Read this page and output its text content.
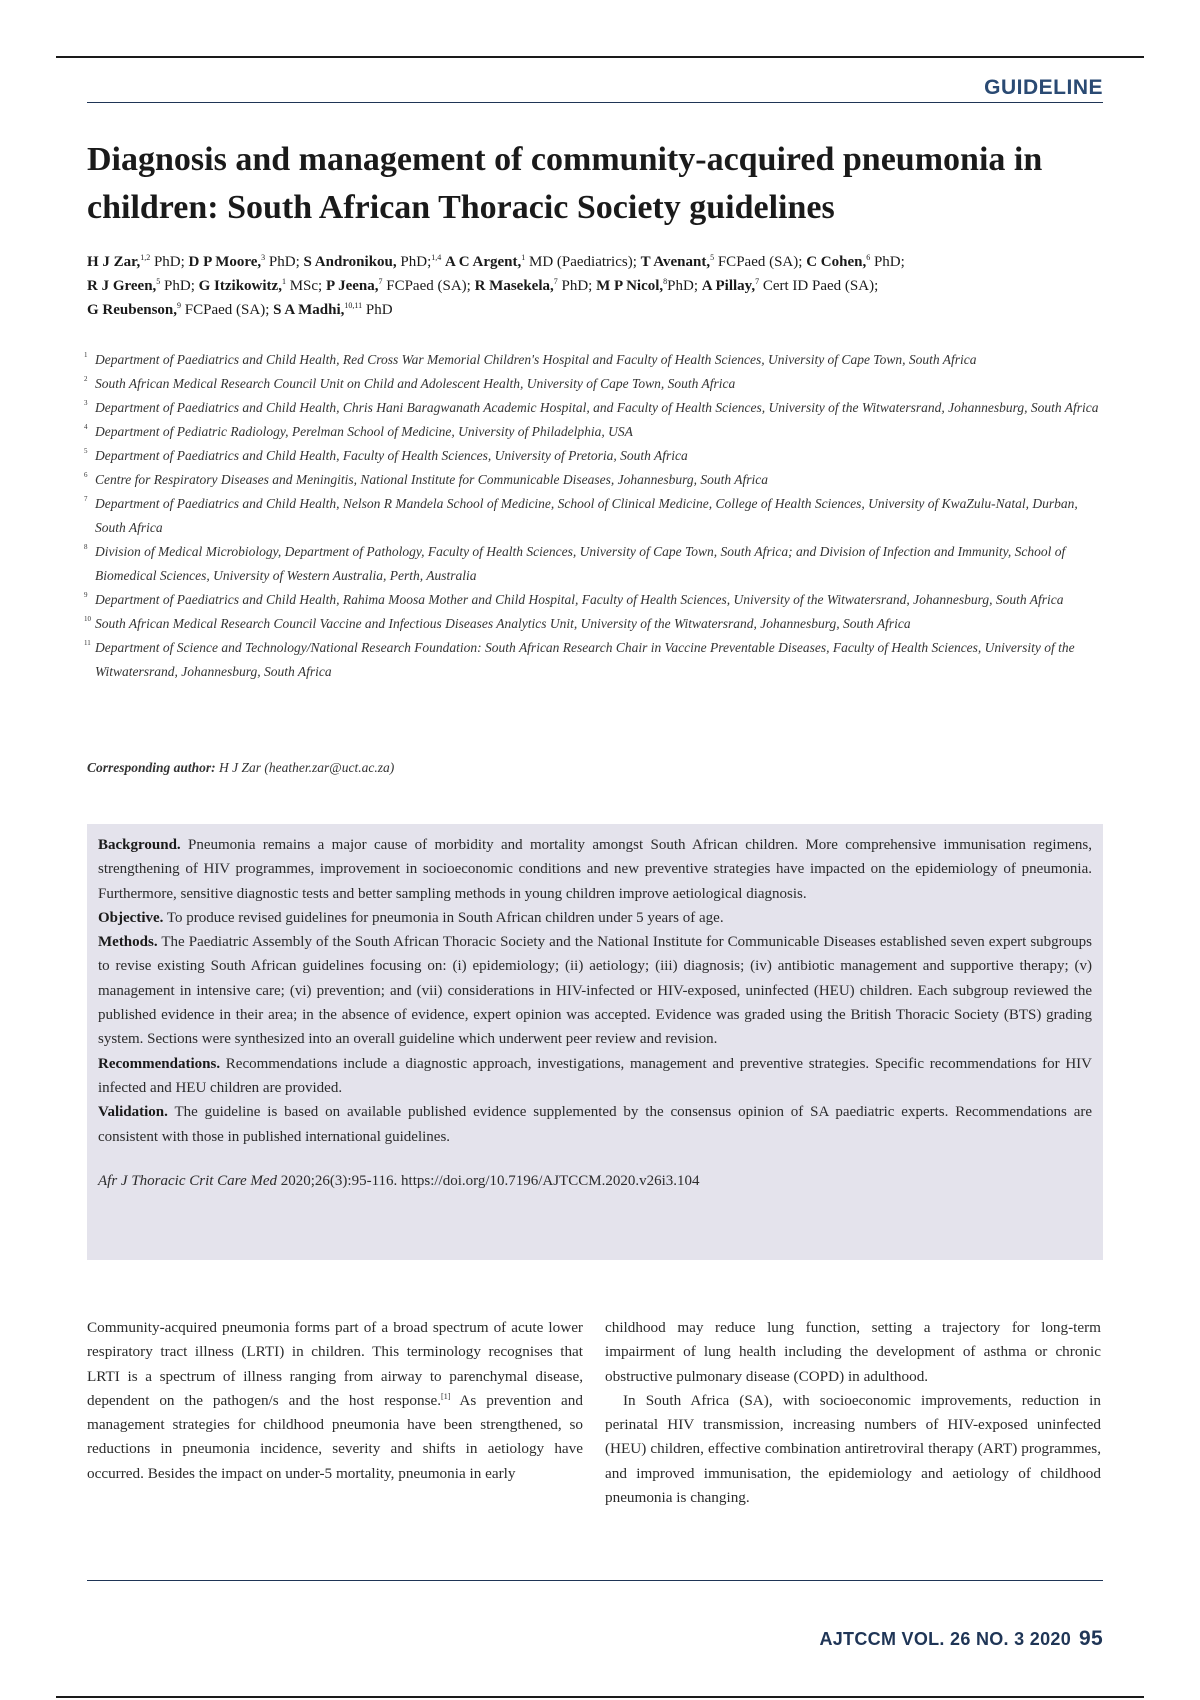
GUIDELINE
Diagnosis and management of community-acquired pneumonia in children: South African Thoracic Society guidelines
H J Zar,$^{1,2}$ PhD; D P Moore,$^3$ PhD; S Andronikou, PhD;$^{1,4}$ A C Argent,$^1$ MD (Paediatrics); T Avenant,$^5$ FCPaed (SA); C Cohen,$^6$ PhD;
R J Green,$^5$ PhD; G Itzikowitz,$^1$ MSc; P Jeena,$^7$ FCPaed (SA); R Masekela,$^7$ PhD; M P Nicol,$^8$PhD; A Pillay,$^7$ Cert ID Paed (SA);
G Reubenson,$^9$ FCPaed (SA); S A Madhi,$^{10,11}$ PhD
1 Department of Paediatrics and Child Health, Red Cross War Memorial Children's Hospital and Faculty of Health Sciences, University of Cape Town, South Africa
2 South African Medical Research Council Unit on Child and Adolescent Health, University of Cape Town, South Africa
3 Department of Paediatrics and Child Health, Chris Hani Baragwanath Academic Hospital, and Faculty of Health Sciences, University of the Witwatersrand, Johannesburg, South Africa
4 Department of Pediatric Radiology, Perelman School of Medicine, University of Philadelphia, USA
5 Department of Paediatrics and Child Health, Faculty of Health Sciences, University of Pretoria, South Africa
6 Centre for Respiratory Diseases and Meningitis, National Institute for Communicable Diseases, Johannesburg, South Africa
7 Department of Paediatrics and Child Health, Nelson R Mandela School of Medicine, School of Clinical Medicine, College of Health Sciences, University of KwaZulu-Natal, Durban, South Africa
8 Division of Medical Microbiology, Department of Pathology, Faculty of Health Sciences, University of Cape Town, South Africa; and Division of Infection and Immunity, School of Biomedical Sciences, University of Western Australia, Perth, Australia
9 Department of Paediatrics and Child Health, Rahima Moosa Mother and Child Hospital, Faculty of Health Sciences, University of the Witwatersrand, Johannesburg, South Africa
10 South African Medical Research Council Vaccine and Infectious Diseases Analytics Unit, University of the Witwatersrand, Johannesburg, South Africa
11 Department of Science and Technology/National Research Foundation: South African Research Chair in Vaccine Preventable Diseases, Faculty of Health Sciences, University of the Witwatersrand, Johannesburg, South Africa
Corresponding author: H J Zar (heather.zar@uct.ac.za)

Background. Pneumonia remains a major cause of morbidity and mortality amongst South African children. More comprehensive immunisation regimens, strengthening of HIV programmes, improvement in socioeconomic conditions and new preventive strategies have impacted on the epidemiology of pneumonia. Furthermore, sensitive diagnostic tests and better sampling methods in young children improve aetiological diagnosis.

Objective. To produce revised guidelines for pneumonia in South African children under 5 years of age.

Methods. The Paediatric Assembly of the South African Thoracic Society and the National Institute for Communicable Diseases established seven expert subgroups to revise existing South African guidelines focusing on: (i) epidemiology; (ii) aetiology; (iii) diagnosis; (iv) antibiotic management and supportive therapy; (v) management in intensive care; (vi) prevention; and (vii) considerations in HIV-infected or HIV-exposed, uninfected (HEU) children. Each subgroup reviewed the published evidence in their area; in the absence of evidence, expert opinion was accepted. Evidence was graded using the British Thoracic Society (BTS) grading system. Sections were synthesized into an overall guideline which underwent peer review and revision.

Recommendations. Recommendations include a diagnostic approach, investigations, management and preventive strategies. Specific recommendations for HIV infected and HEU children are provided.

Validation. The guideline is based on available published evidence supplemented by the consensus opinion of SA paediatric experts. Recommendations are consistent with those in published international guidelines.

Afr J Thoracic Crit Care Med 2020;26(3):95-116. https://doi.org/10.7196/AJTCCM.2020.v26i3.104

Community-acquired pneumonia forms part of a broad spectrum of acute lower respiratory tract illness (LRTI) in children. This terminology recognises that LRTI is a spectrum of illness ranging from airway to parenchymal disease, dependent on the pathogen/s and the host response.[1] As prevention and management strategies for childhood pneumonia have been strengthened, so reductions in pneumonia incidence, severity and shifts in aetiology have occurred. Besides the impact on under-5 mortality, pneumonia in early

childhood may reduce lung function, setting a trajectory for long-term impairment of lung health including the development of asthma or chronic obstructive pulmonary disease (COPD) in adulthood.

In South Africa (SA), with socioeconomic improvements, reduction in perinatal HIV transmission, increasing numbers of HIV-exposed uninfected (HEU) children, effective combination antiretroviral therapy (ART) programmes, and improved immunisation, the epidemiology and aetiology of childhood pneumonia is changing.

AJTCCM VOL. 26 NO. 3 2020 95
